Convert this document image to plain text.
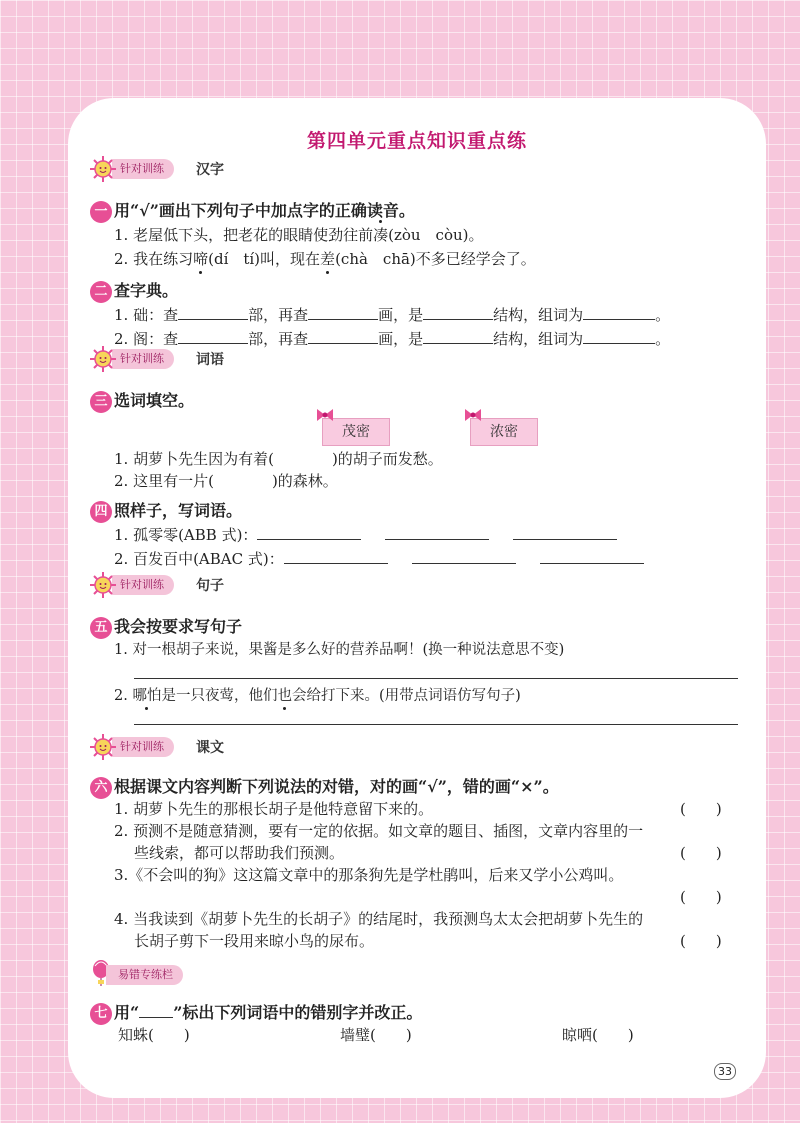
第四单元重点知识重点练
针对训练	汉字
一 用“√”画出下列句子中加点字的正确读音。
1. 老屋低下头，把老花的眼睛使劲往前凑(zòu　còu)。
2. 我在练习啼(dí　tí)叫，现在差(chà　chā)不多已经学会了。
二 查字典。
1. 础：查	部，再查	画，是	结构，组词为	。
2. 阁：查	部，再查	画，是	结构，组词为	。
针对训练	词语
三 选词填空。
茂密	浓密
1. 胡萝卜先生因为有着(	)的胡子而发愁。
2. 这里有一片(	)的森林。
四 照样子，写词语。
1. 孤零零(ABB 式)：
2. 百发百中(ABAC 式)：
针对训练	句子
五 我会按要求写句子
1. 对一根胡子来说，果酱是多么好的营养品啊！(换一种说法意思不变)
2. 哪怕是一只夜莺，他们也会给打下来。(用带点词语仿写句子)
针对训练	课文
六 根据课文内容判断下列说法的对错，对的画“√”，错的画“×”。
1. 胡萝卜先生的那根长胡子是他特意留下来的。	(　　)
2. 预测不是随意猜测，要有一定的依据。如文章的题目、插图，文章内容里的一
些线索，都可以帮助我们预测。	(　　)
3.《不会叫的狗》这这篇文章中的那条狗先是学杜鹃叫，后来又学小公鸡叫。
(　　)
4. 当我读到《胡萝卜先生的长胡子》的结尾时，我预测鸟太太会把胡萝卜先生的
长胡子剪下一段用来晾小鸟的尿布。	(　　)
易错专练栏
七 用“ ”标出下列词语中的错别字并改正。
知蛛(　　)	墙璧(　　)	晾哂(　　)
33
